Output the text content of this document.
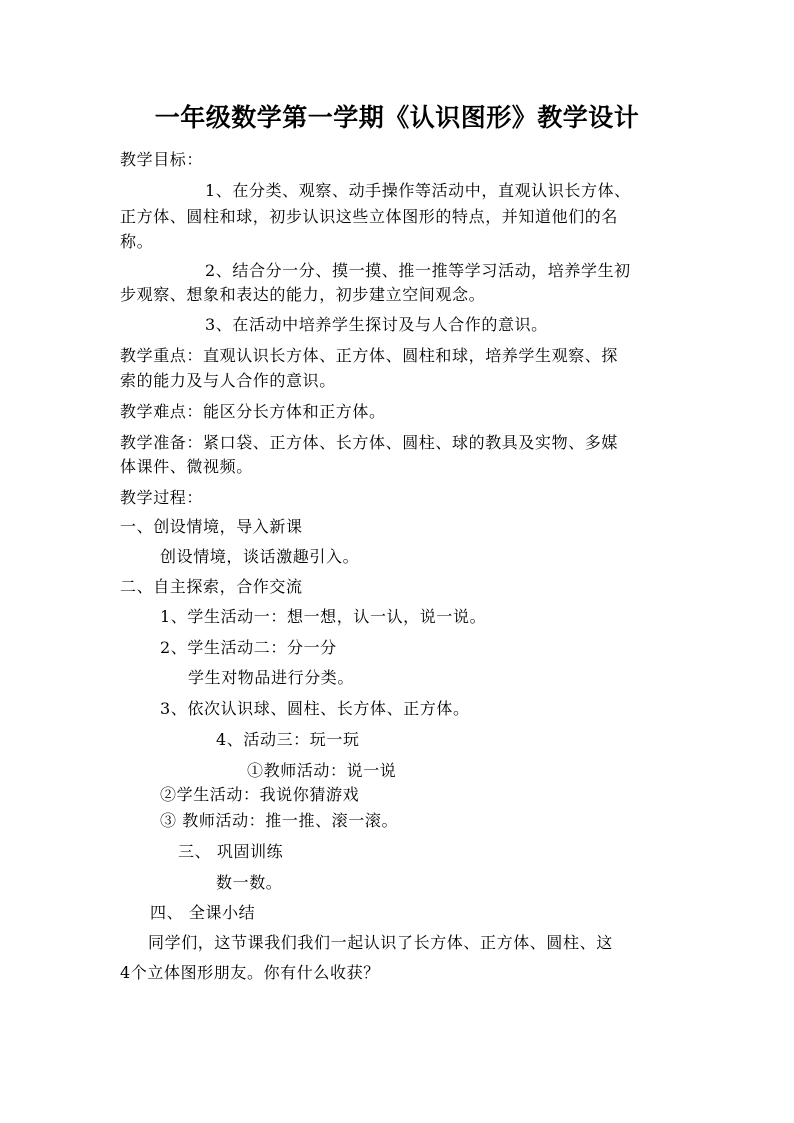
一年级数学第一学期《认识图形》教学设计
教学目标：
1、在分类、观察、动手操作等活动中，直观认识长方体、
正方体、圆柱和球，初步认识这些立体图形的特点，并知道他们的名
称。
2、结合分一分、摸一摸、推一推等学习活动，培养学生初
步观察、想象和表达的能力，初步建立空间观念。
3、在活动中培养学生探讨及与人合作的意识。
教学重点：直观认识长方体、正方体、圆柱和球，培养学生观察、探
索的能力及与人合作的意识。
教学难点：能区分长方体和正方体。
教学准备：紧口袋、正方体、长方体、圆柱、球的教具及实物、多媒
体课件、微视频。
教学过程：
一、创设情境，导入新课
创设情境，谈话激趣引入。
二、自主探索，合作交流
1、学生活动一：想一想，认一认，说一说。
2、学生活动二：分一分
学生对物品进行分类。
3、依次认识球、圆柱、长方体、正方体。
4、活动三：玩一玩
①教师活动：说一说
②学生活动：我说你猜游戏
③ 教师活动：推一推、滚一滚。
三、 巩固训练
数一数。
四、 全课小结
同学们，这节课我们我们一起认识了长方体、正方体、圆柱、这
4个立体图形朋友。你有什么收获？
